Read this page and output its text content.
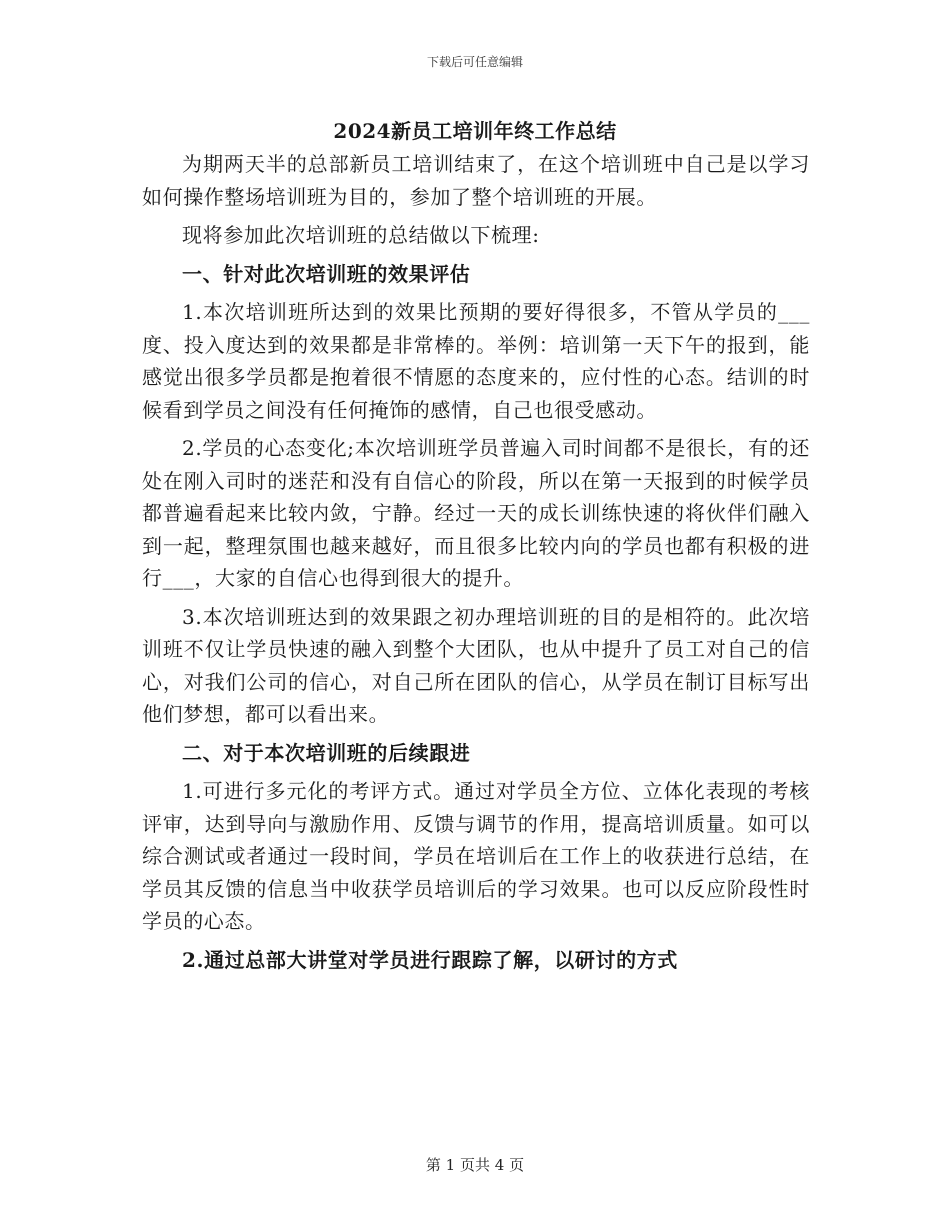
下载后可任意编辑
2024新员工培训年终工作总结

为期两天半的总部新员工培训结束了，在这个培训班中自己是以学习如何操作整场培训班为目的，参加了整个培训班的开展。

现将参加此次培训班的总结做以下梳理:

一、针对此次培训班的效果评估

1.本次培训班所达到的效果比预期的要好得很多，不管从学员的___度、投入度达到的效果都是非常棒的。举例：培训第一天下午的报到，能感觉出很多学员都是抱着很不情愿的态度来的，应付性的心态。结训的时候看到学员之间没有任何掩饰的感情，自己也很受感动。

2.学员的心态变化;本次培训班学员普遍入司时间都不是很长，有的还处在刚入司时的迷茫和没有自信心的阶段，所以在第一天报到的时候学员都普遍看起来比较内敛，宁静。经过一天的成长训练快速的将伙伴们融入到一起，整理氛围也越来越好，而且很多比较内向的学员也都有积极的进行___，大家的自信心也得到很大的提升。

3.本次培训班达到的效果跟之初办理培训班的目的是相符的。此次培训班不仅让学员快速的融入到整个大团队，也从中提升了员工对自己的信心，对我们公司的信心，对自己所在团队的信心，从学员在制订目标写出他们梦想，都可以看出来。

二、对于本次培训班的后续跟进

1.可进行多元化的考评方式。通过对学员全方位、立体化表现的考核评审，达到导向与激励作用、反馈与调节的作用，提高培训质量。如可以综合测试或者通过一段时间，学员在培训后在工作上的收获进行总结，在学员其反馈的信息当中收获学员培训后的学习效果。也可以反应阶段性时学员的心态。

2.通过总部大讲堂对学员进行跟踪了解，以研讨的方式

第 1 页共 4 页
